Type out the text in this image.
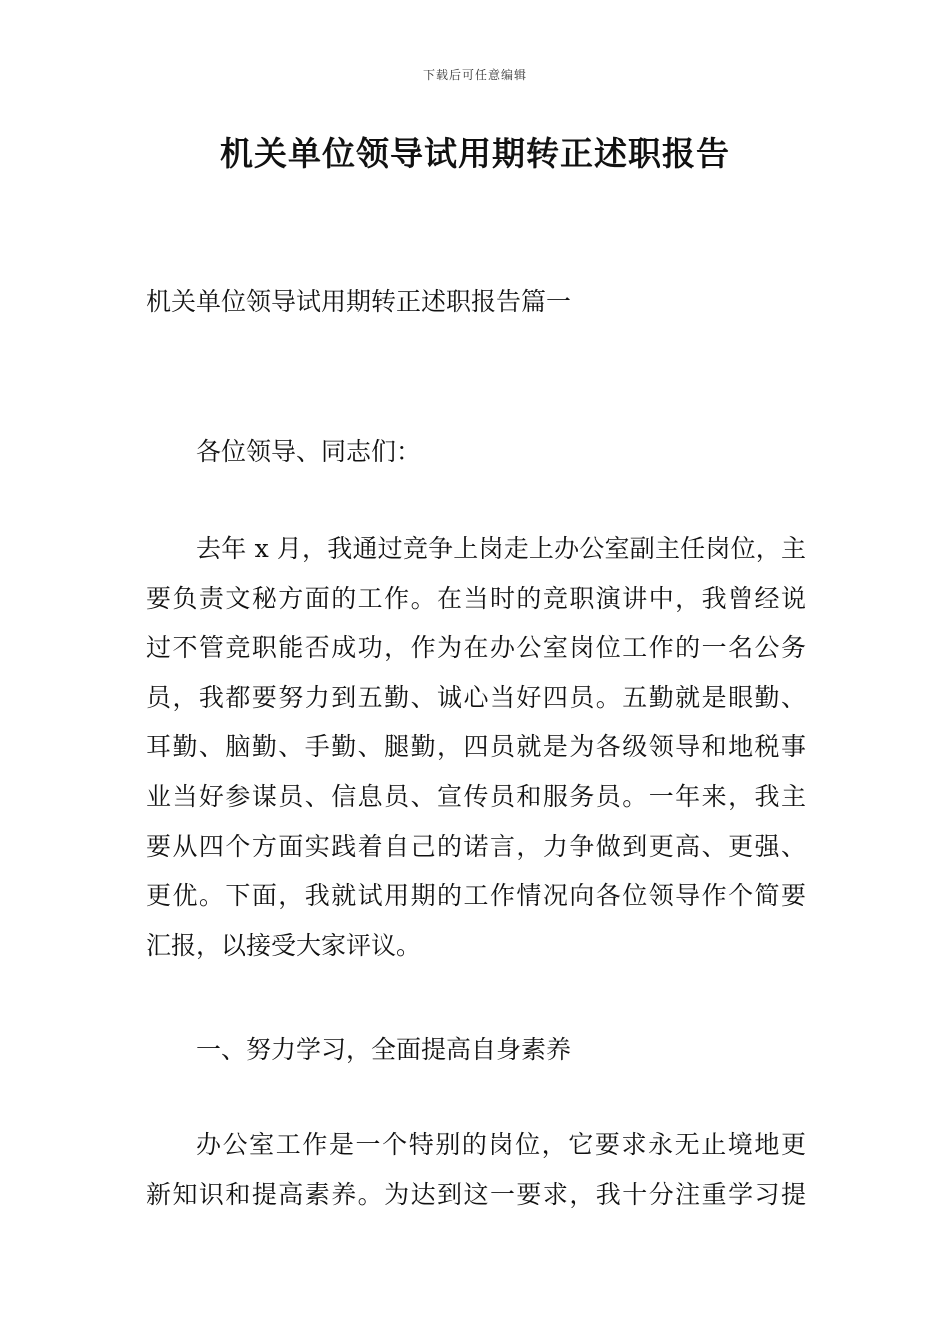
下载后可任意编辑
机关单位领导试用期转正述职报告

机关单位领导试用期转正述职报告篇一

各位领导、同志们：

去年 x 月，我通过竞争上岗走上办公室副主任岗位，主
要负责文秘方面的工作。在当时的竞职演讲中，我曾经说
过不管竞职能否成功，作为在办公室岗位工作的一名公务
员，我都要努力到五勤、诚心当好四员。五勤就是眼勤、
耳勤、脑勤、手勤、腿勤，四员就是为各级领导和地税事
业当好参谋员、信息员、宣传员和服务员。一年来，我主
要从四个方面实践着自己的诺言，力争做到更高、更强、
更优。下面，我就试用期的工作情况向各位领导作个简要
汇报，以接受大家评议。

一、努力学习，全面提高自身素养

办公室工作是一个特别的岗位，它要求永无止境地更
新知识和提高素养。为达到这一要求，我十分注重学习提
